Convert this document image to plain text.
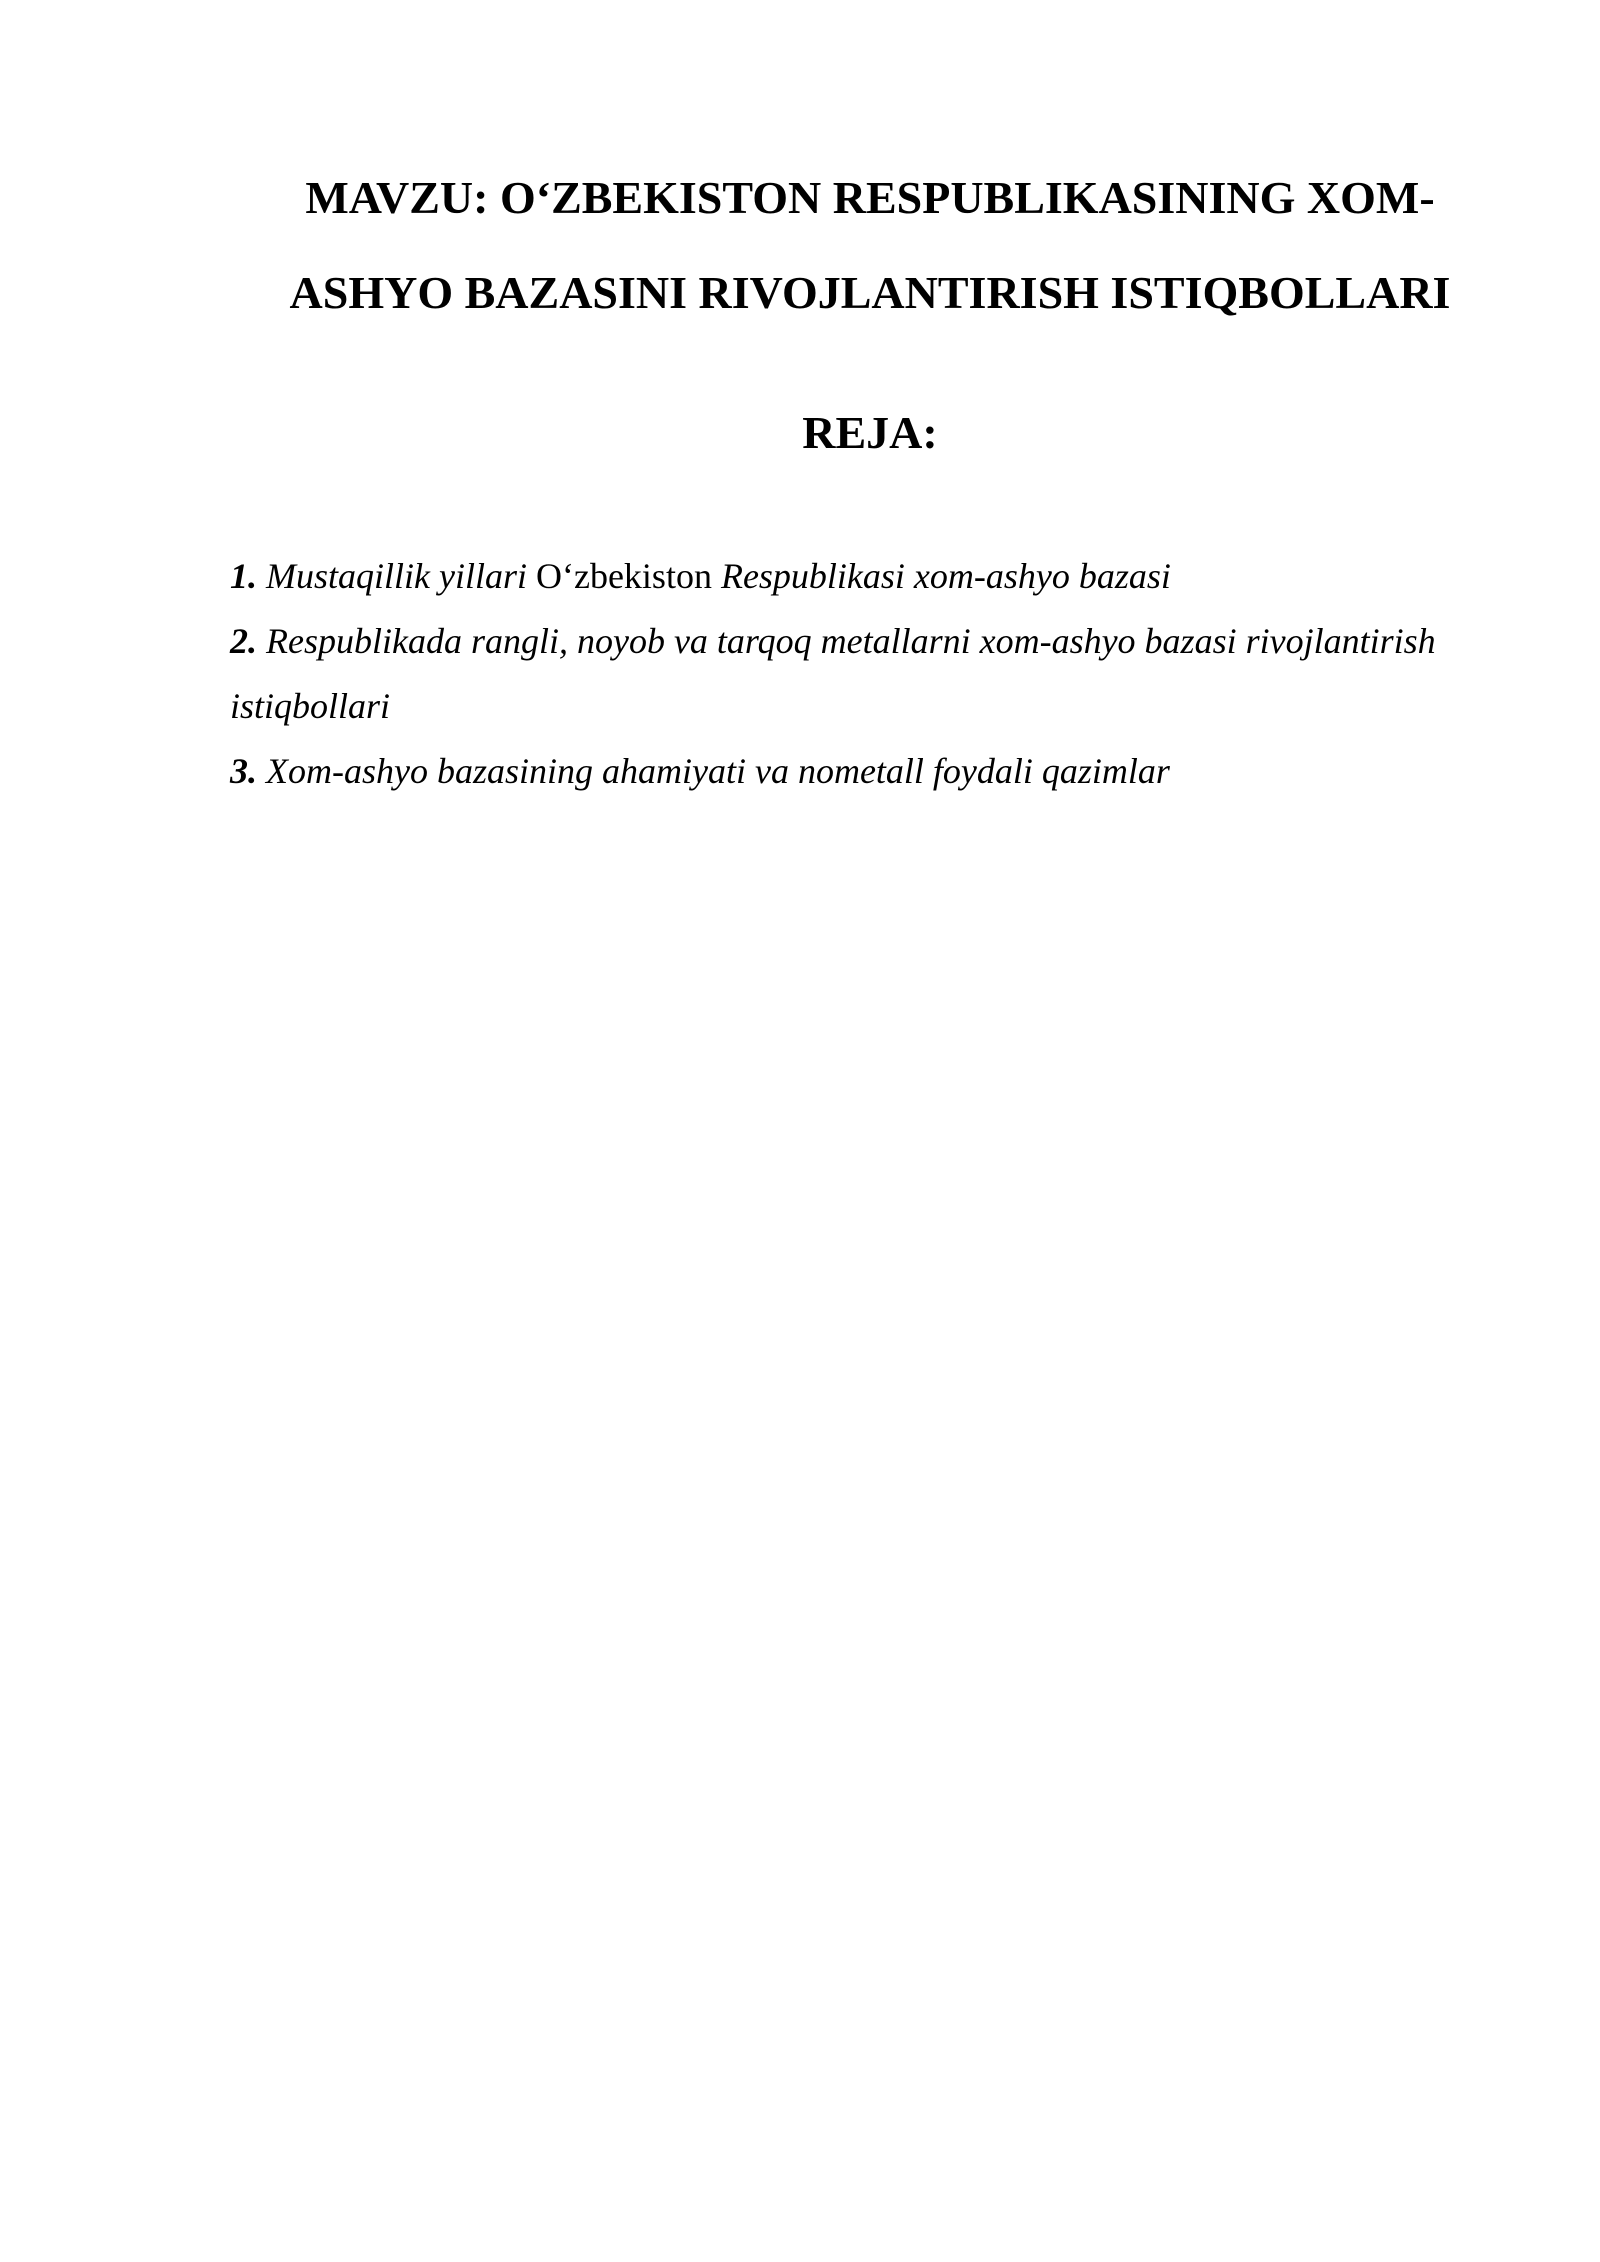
MAVZU: O‘ZBEKISTON RESPUBLIKASINING XOM-
ASHYO BAZASINI RIVOJLANTIRISH ISTIQBOLLARI
REJA:
1. Mustaqillik yillari O‘zbekiston Respublikasi xom-ashyo bazasi
2. Respublikada rangli, noyob va tarqoq metallarni xom-ashyo bazasi rivojlantirish istiqbollari
3. Xom-ashyo bazasining ahamiyati va nometall foydali qazimlar
